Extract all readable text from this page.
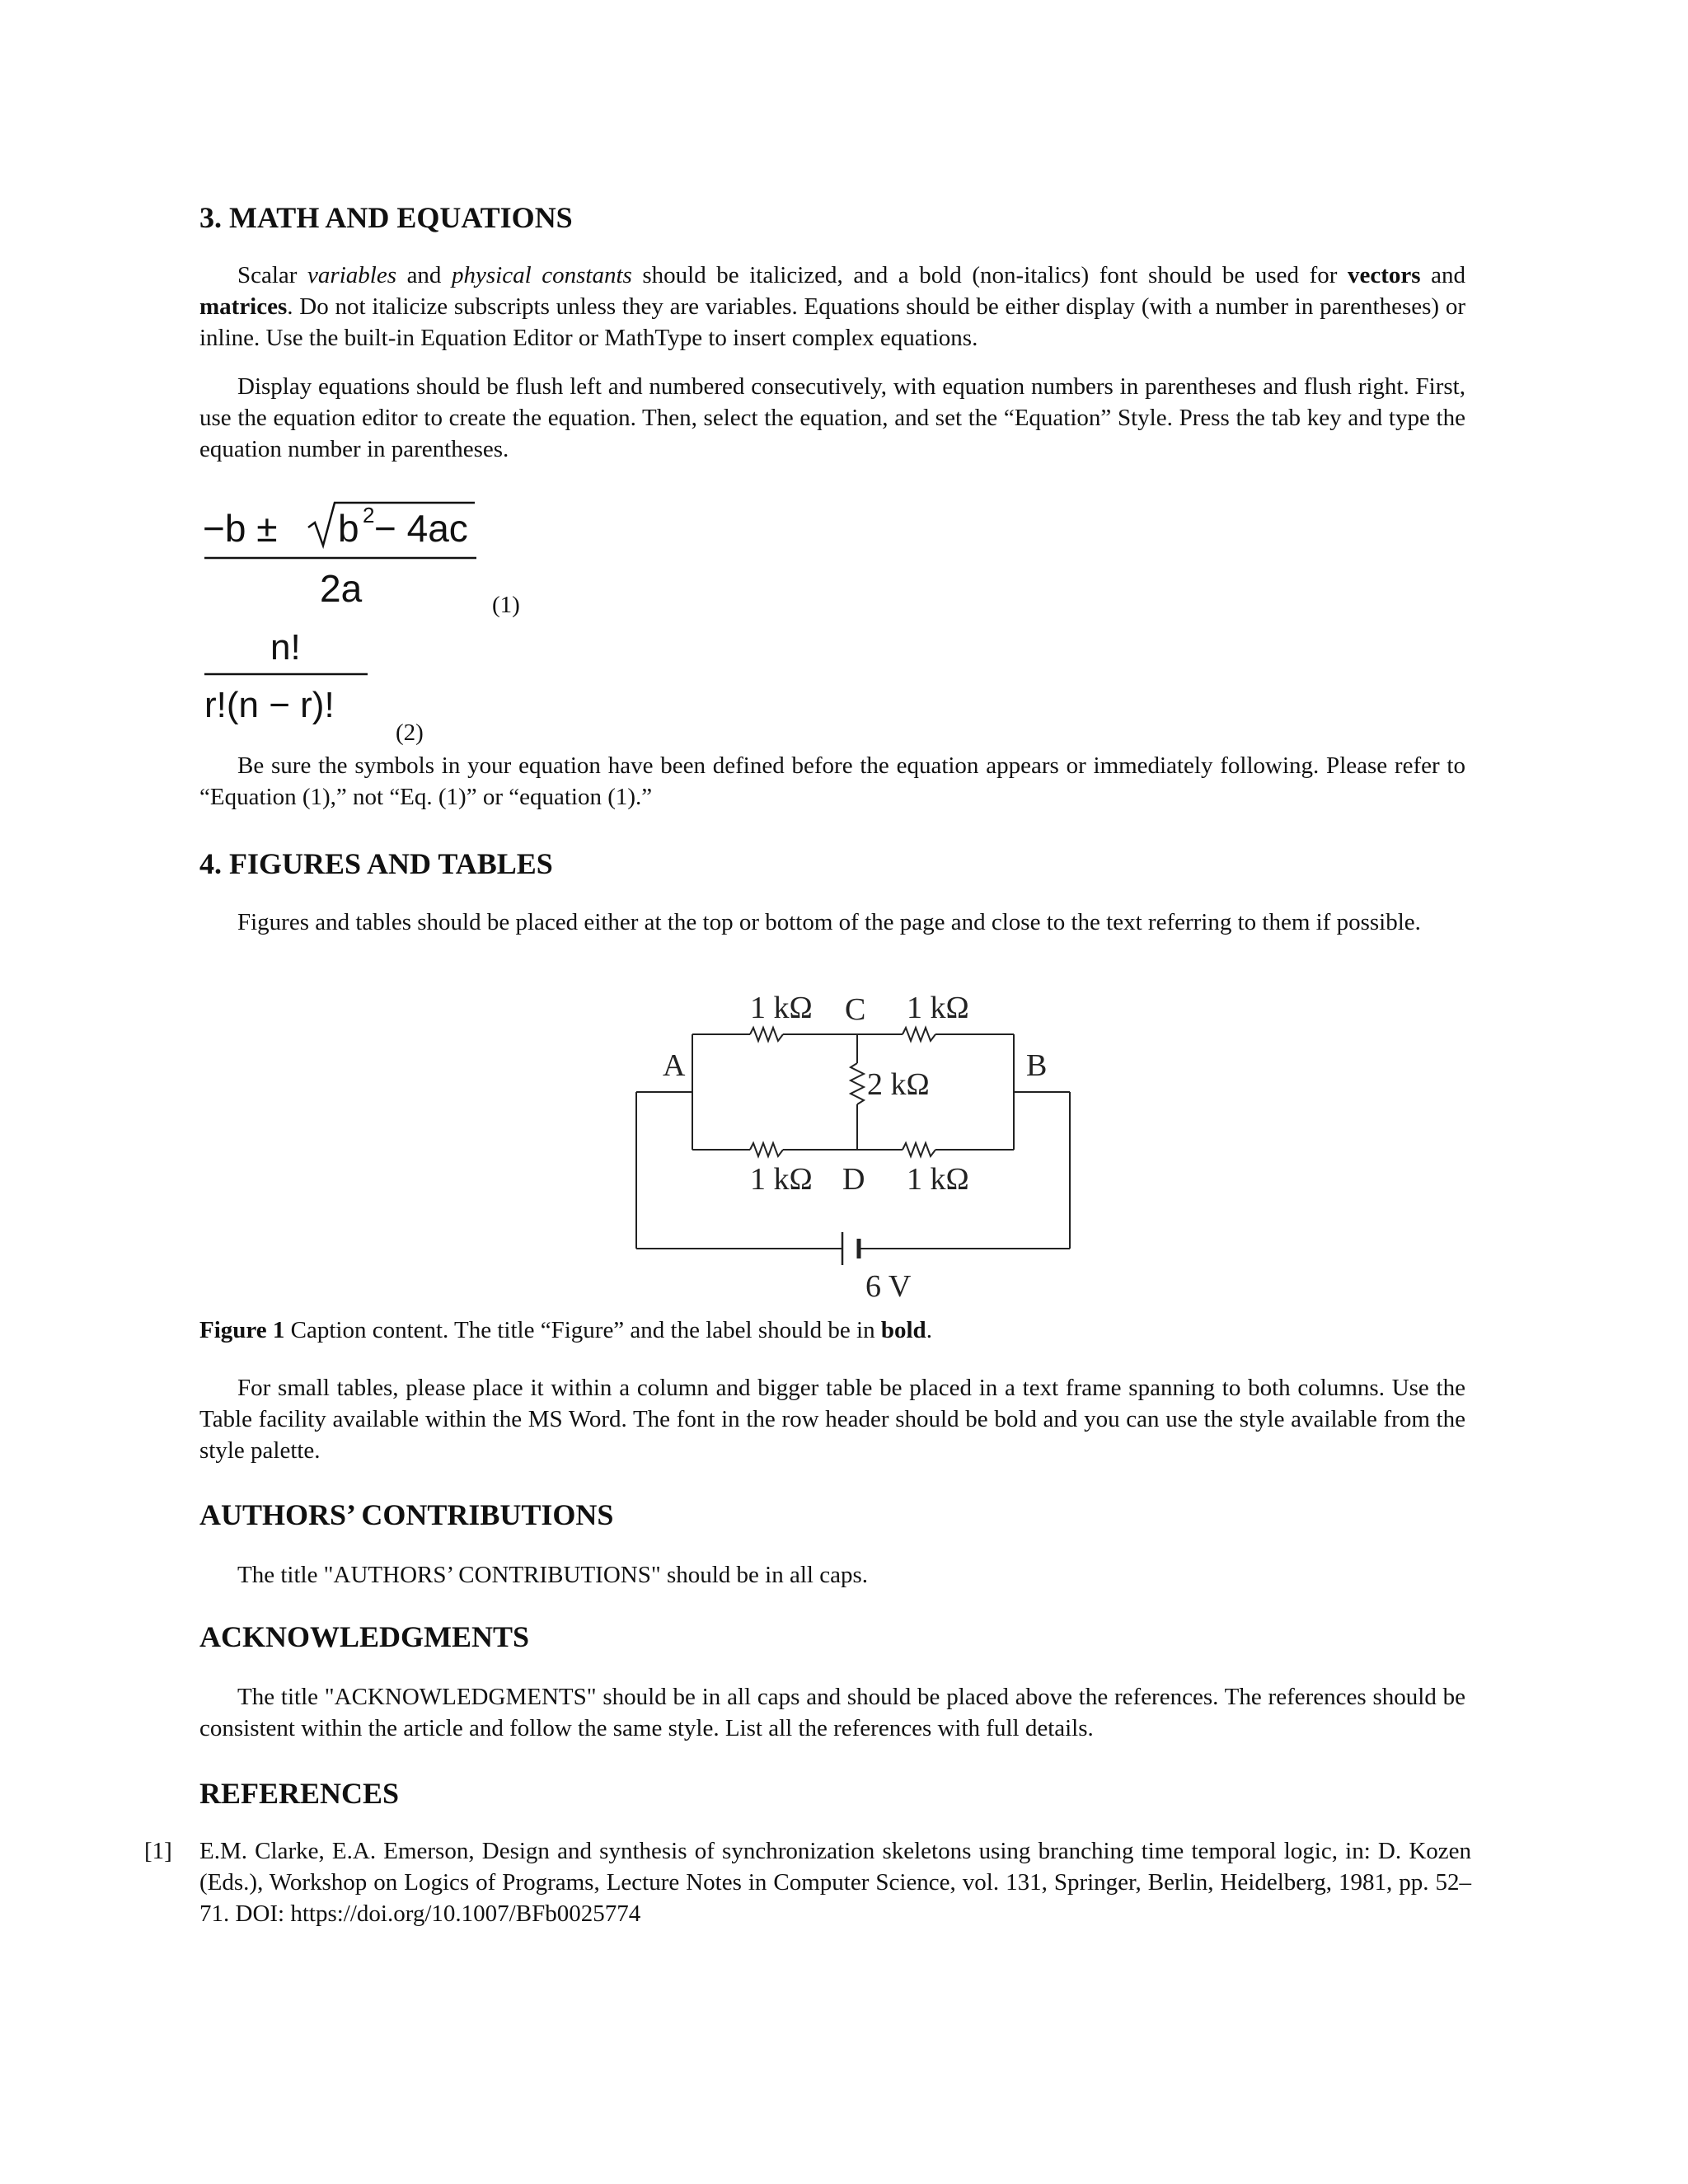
3. MATH AND EQUATIONS

Scalar variables and physical constants should be italicized, and a bold (non-italics) font should be used for vectors and matrices. Do not italicize subscripts unless they are variables. Equations should be either display (with a number in parentheses) or inline. Use the built-in Equation Editor or MathType to insert complex equations.

Display equations should be flush left and numbered consecutively, with equation numbers in parentheses and flush right. First, use the equation editor to create the equation. Then, select the equation, and set the “Equation” Style. Press the tab key and type the equation number in parentheses.

−b ± b 2 − 4ac
2a	(1)
n!
r!(n − r)!
(2)

Be sure the symbols in your equation have been defined before the equation appears or immediately following. Please refer to “Equation (1),” not “Eq. (1)” or “equation (1).”

4. FIGURES AND TABLES

Figures and tables should be placed either at the top or bottom of the page and close to the text referring to them if possible.

1 kΩ C 1 kΩ
A	B
2 kΩ
1 kΩ D 1 kΩ
6 V

Figure 1 Caption content. The title “Figure” and the label should be in bold.

For small tables, please place it within a column and bigger table be placed in a text frame spanning to both columns. Use the Table facility available within the MS Word. The font in the row header should be bold and you can use the style available from the style palette.

AUTHORS’ CONTRIBUTIONS

The title "AUTHORS’ CONTRIBUTIONS" should be in all caps.

ACKNOWLEDGMENTS

The title "ACKNOWLEDGMENTS" should be in all caps and should be placed above the references. The references should be consistent within the article and follow the same style. List all the references with full details.

REFERENCES
[1] E.M. Clarke, E.A. Emerson, Design and synthesis of synchronization skeletons using branching time temporal logic, in: D. Kozen (Eds.), Workshop on Logics of Programs, Lecture Notes in Computer Science, vol. 131, Springer, Berlin, Heidelberg, 1981, pp. 52–71. DOI: https://doi.org/10.1007/BFb0025774
